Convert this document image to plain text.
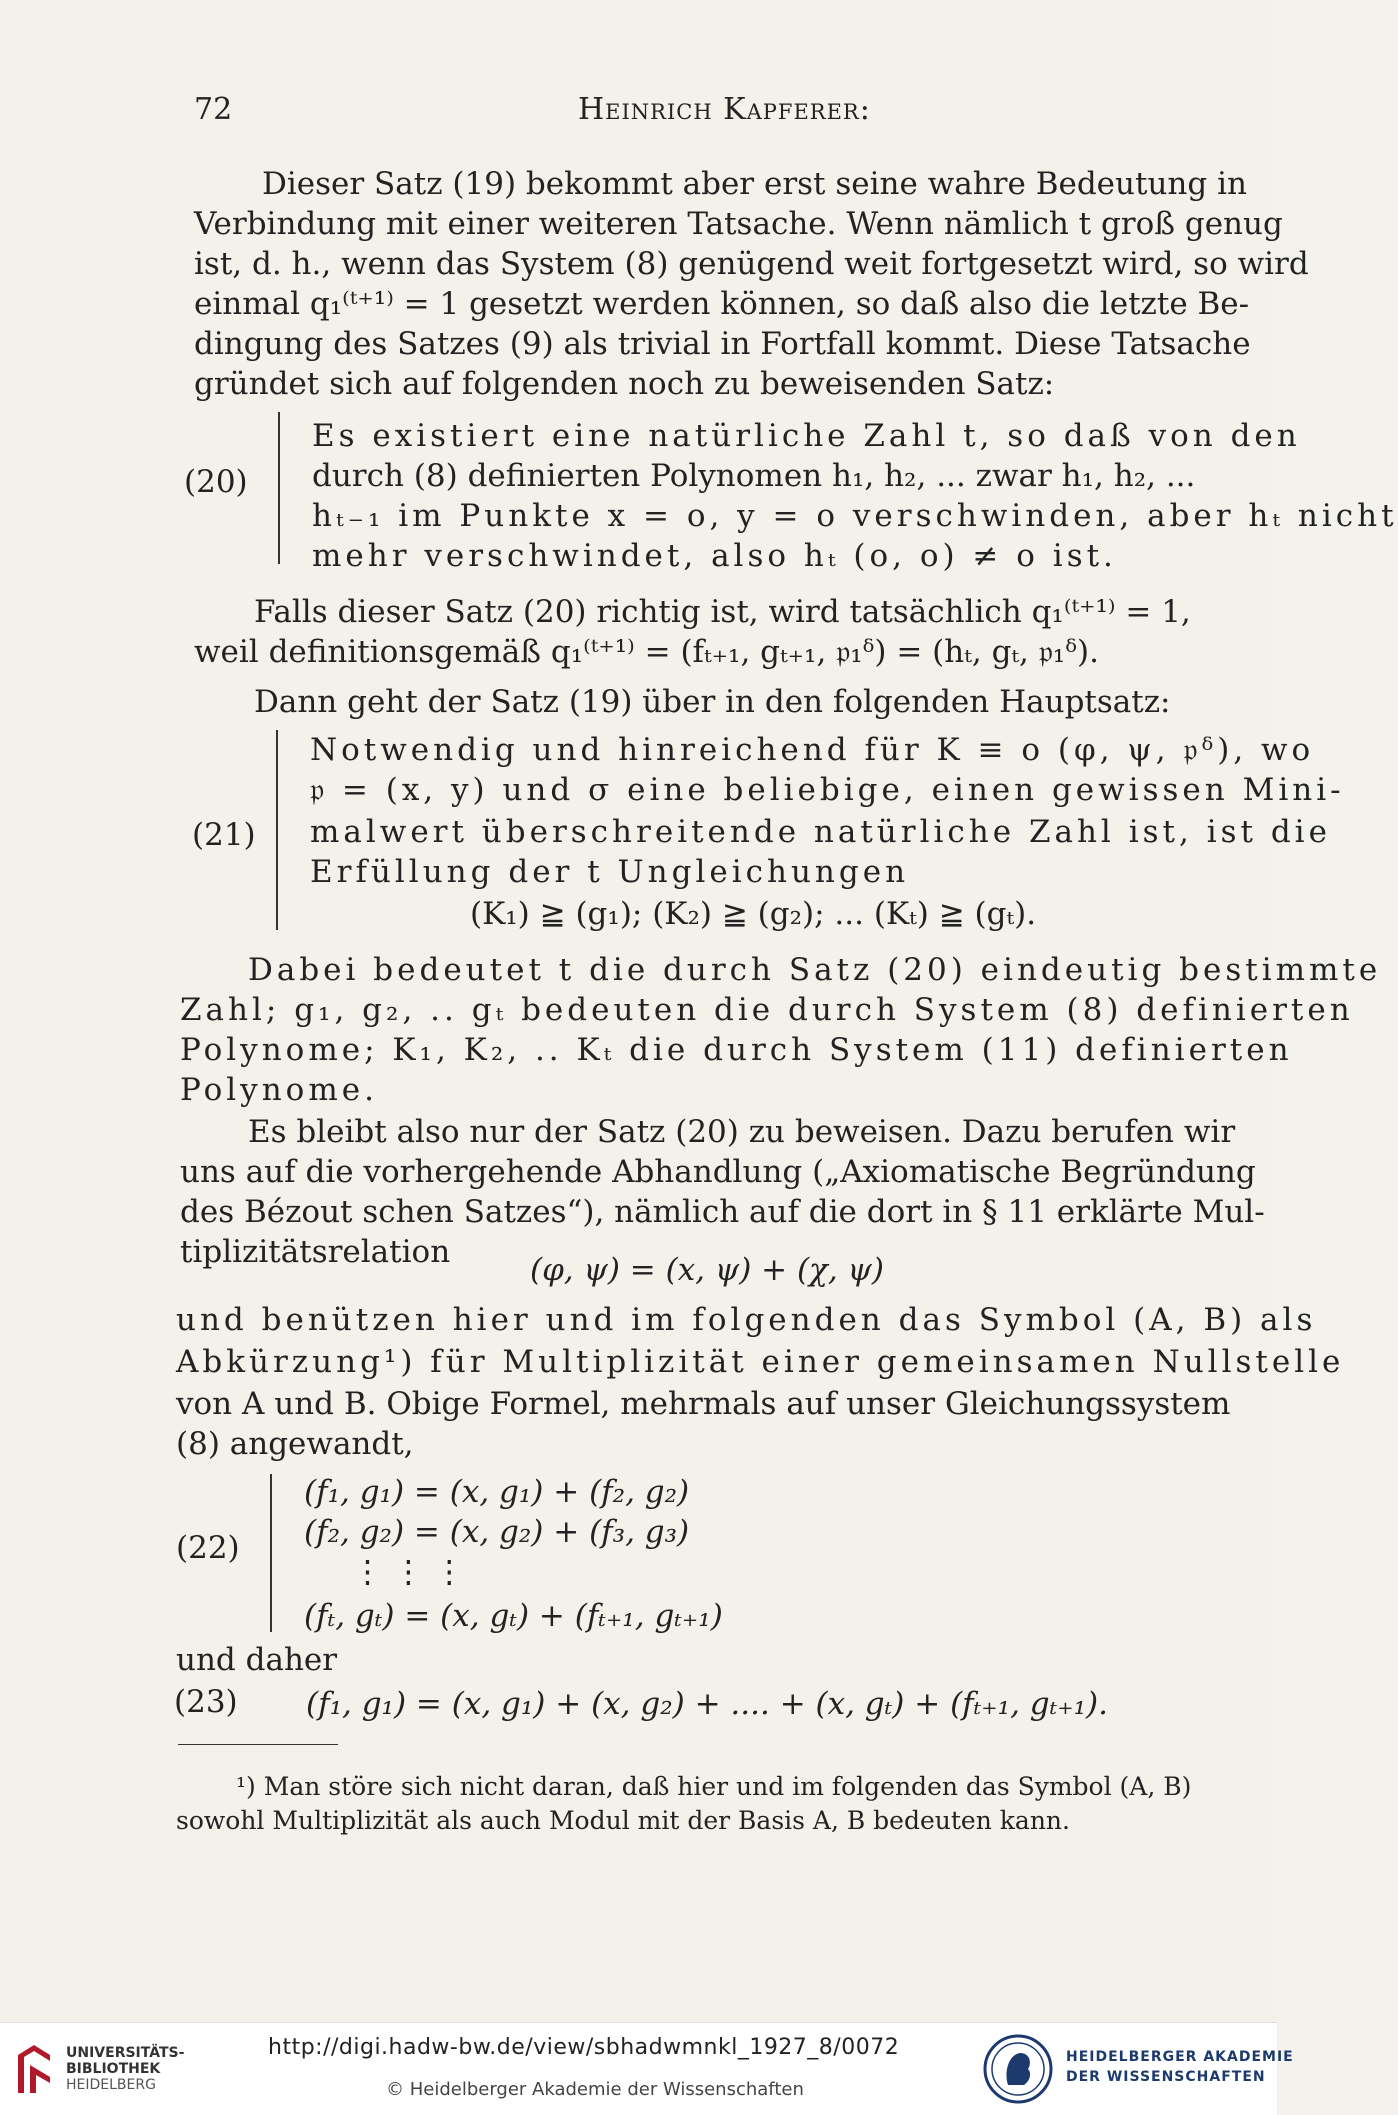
72	Heinrich Kapferer:
Dieser Satz (19) bekommt aber erst seine wahre Bedeutung in
Verbindung mit einer weiteren Tatsache. Wenn nämlich t groß genug
ist, d. h., wenn das System (8) genügend weit fortgesetzt wird, so wird
einmal q₁⁽ᵗ⁺¹⁾ = 1 gesetzt werden können, so daß also die letzte Be-
dingung des Satzes (9) als trivial in Fortfall kommt. Diese Tatsache
gründet sich auf folgenden noch zu beweisenden Satz:
(20)
Es existiert eine natürliche Zahl t, so daß von den
durch (8) definierten Polynomen h₁, h₂, ... zwar h₁, h₂, ...
hₜ₋₁ im Punkte x = o, y = o verschwinden, aber hₜ nicht
mehr verschwindet, also hₜ (o, o) ≠ o ist.
Falls dieser Satz (20) richtig ist, wird tatsächlich q₁⁽ᵗ⁺¹⁾ = 1,
weil definitionsgemäß q₁⁽ᵗ⁺¹⁾ = (fₜ₊₁, gₜ₊₁, 𝔭₁ᵟ) = (hₜ, gₜ, 𝔭₁ᵟ).
Dann geht der Satz (19) über in den folgenden Hauptsatz:
(21)
Notwendig und hinreichend für K ≡ o (φ, ψ, 𝔭ᵟ), wo
𝔭 = (x, y) und σ eine beliebige, einen gewissen Mini-
malwert überschreitende natürliche Zahl ist, ist die
Erfüllung der t Ungleichungen
(K₁) ≧ (g₁); (K₂) ≧ (g₂); ... (Kₜ) ≧ (gₜ).
Dabei bedeutet t die durch Satz (20) eindeutig bestimmte
Zahl; g₁, g₂, .. gₜ bedeuten die durch System (8) definierten
Polynome; K₁, K₂, .. Kₜ die durch System (11) definierten
Polynome.
Es bleibt also nur der Satz (20) zu beweisen. Dazu berufen wir
uns auf die vorhergehende Abhandlung („Axiomatische Begründung
des Bézout schen Satzes“), nämlich auf die dort in § 11 erklärte Mul-
tiplizitätsrelation	(φ, ψ) = (x, ψ) + (χ, ψ)
und benützen hier und im folgenden das Symbol (A, B) als
Abkürzung¹) für Multiplizität einer gemeinsamen Nullstelle
von A und B. Obige Formel, mehrmals auf unser Gleichungssystem
(8) angewandt,
(22)
(f₁, g₁) = (x, g₁) + (f₂, g₂)
(f₂, g₂) = (x, g₂) + (f₃, g₃)
⋮ ⋮ ⋮
(fₜ, gₜ) = (x, gₜ) + (fₜ₊₁, gₜ₊₁)
und daher
(23) (f₁, g₁) = (x, g₁) + (x, g₂) + .... + (x, gₜ) + (fₜ₊₁, gₜ₊₁).
¹) Man störe sich nicht daran, daß hier und im folgenden das Symbol (A, B)
sowohl Multiplizität als auch Modul mit der Basis A, B bedeuten kann.
UNIVERSITÄTS-
BIBLIOTHEK
HEIDELBERG
http://digi.hadw-bw.de/view/sbhadwmnkl_1927_8/0072
© Heidelberger Akademie der Wissenschaften
HEIDELBERGER AKADEMIE
DER WISSENSCHAFTEN
